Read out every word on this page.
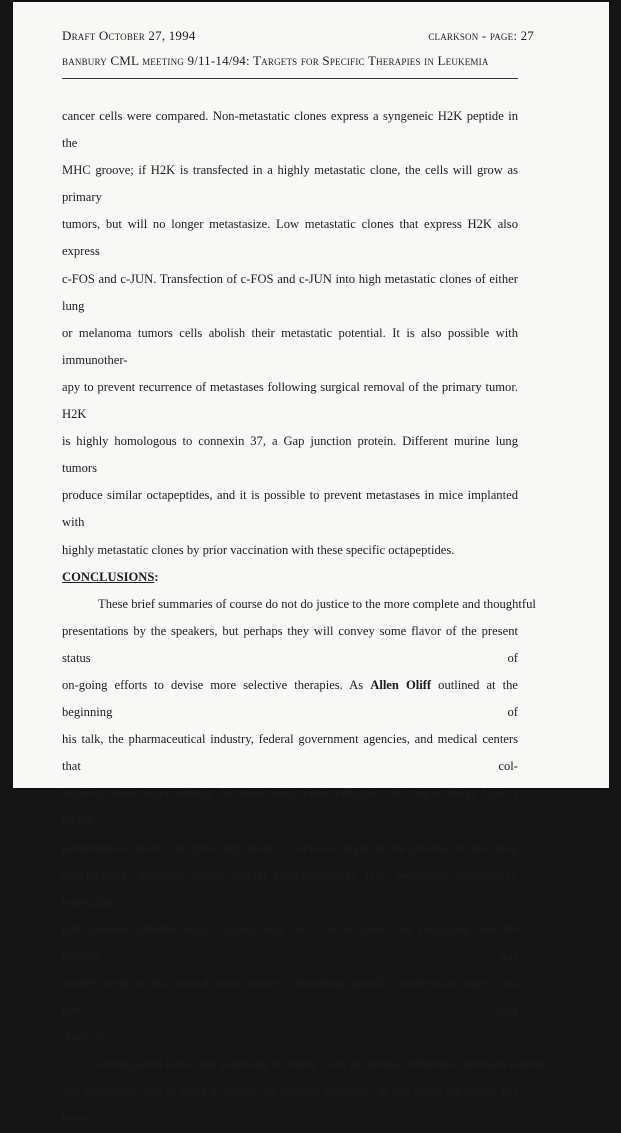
Draft October 27, 1994	clarkson - page: 27
banbury CML meeting 9/11-14/94: Targets for Specific Therapies in Leukemia
cancer cells were compared. Non-metastatic clones express a syngeneic H2K peptide in the
MHC groove; if H2K is transfected in a highly metastatic clone, the cells will grow as primary
tumors, but will no longer metastasize. Low metastatic clones that express H2K also express
c-FOS and c-JUN. Transfection of c-FOS and c-JUN into high metastatic clones of either lung
or melanoma tumors cells abolish their metastatic potential. It is also possible with immunother-
apy to prevent recurrence of metastases following surgical removal of the primary tumor. H2K
is highly homologous to connexin 37, a Gap junction protein. Different murine lung tumors
produce similar octapeptides, and it is possible to prevent metastases in mice implanted with
highly metastatic clones by prior vaccination with these specific octapeptides.
CONCLUSIONS:
These brief summaries of course do not do justice to the more complete and thoughtful
presentations by the speakers, but perhaps they will convey some flavor of the present status of
on-going efforts to devise more selective therapies. As Allen Oliff outlined at the beginning of
his talk, the pharmaceutical industry, federal government agencies, and medical centers that col-
lectively share responsibility for developing more effective anti-cancer drugs have a mixed
performance record. He gave high marks to several stages in the process of new drug
development, including whole animal pathophysiology (i.e., preclinical toxicology), molecular
pathogenesis, pharmacologic optimization and clinical trials, but concluded that the process was
notably weak in two crucial areas, namely identifying specific biochemical targets and new drug
discovery.
Investigators have been searching for many years for unique differences between normal
and neoplastic cells to serve as targets for specific therapies. In one sense the search has been
